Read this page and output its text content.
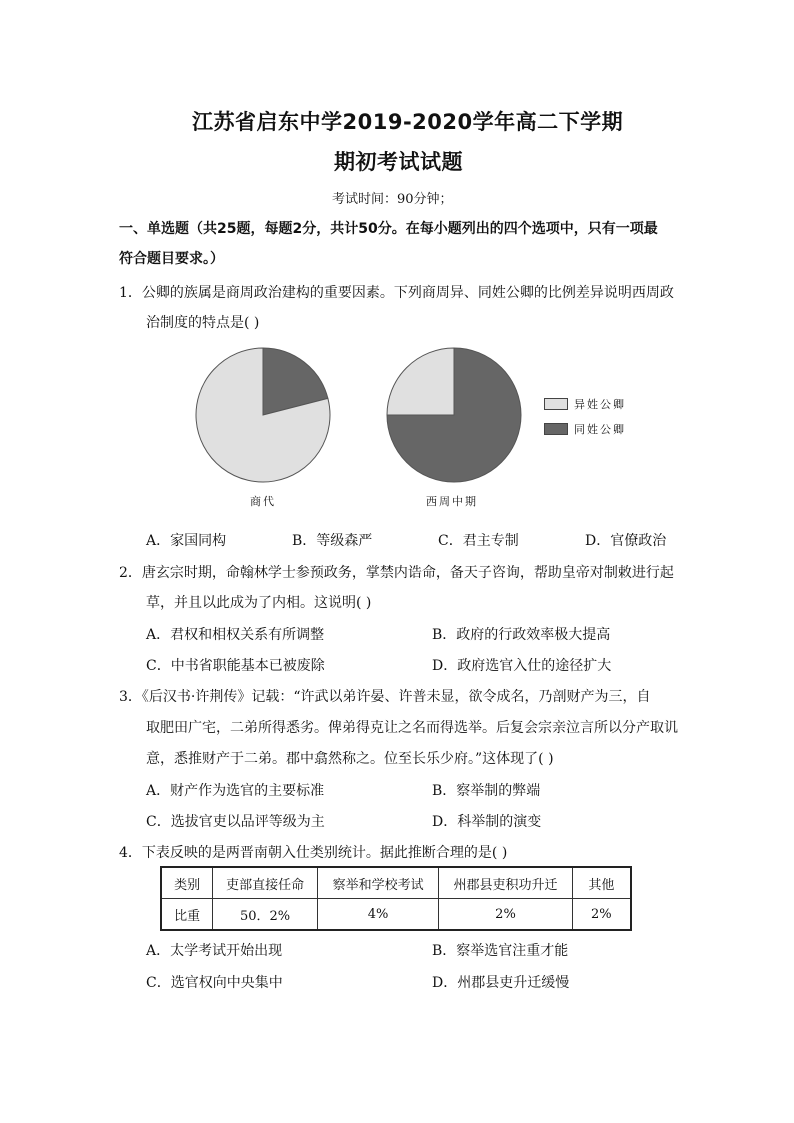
江苏省启东中学2019-2020学年高二下学期
期初考试试题
考试时间：90分钟；
一、单选题（共25题，每题2分，共计50分。在每小题列出的四个选项中，只有一项最
符合题目要求。）
1．公卿的族属是商周政治建构的重要因素。下列商周异、同姓公卿的比例差异说明西周政
治制度的特点是( )
商代	西周中期
异姓公卿
同姓公卿
A．家国同构	B．等级森严	C．君主专制	D．官僚政治
2．唐玄宗时期，命翰林学士参预政务，掌禁内诰命，备天子咨询，帮助皇帝对制敕进行起
草，并且以此成为了内相。这说明( )
A．君权和相权关系有所调整	B．政府的行政效率极大提高
C．中书省职能基本已被废除	D．政府选官入仕的途径扩大
3．《后汉书·许荆传》记载：“许武以弟许晏、许普未显，欲令成名，乃剖财产为三，自
取肥田广宅，二弟所得悉劣。俾弟得克让之名而得选举。后复会宗亲泣言所以分产取讥
意，悉推财产于二弟。郡中翕然称之。位至长乐少府。”这体现了( )
A．财产作为选官的主要标准	B．察举制的弊端
C．选拔官吏以品评等级为主	D．科举制的演变
4．下表反映的是两晋南朝入仕类别统计。据此推断合理的是( )
类别	吏部直接任命	察举和学校考试	州郡县吏积功升迁	其他
比重	50．2%	4%	2%	2%
A．太学考试开始出现	B．察举选官注重才能
C．选官权向中央集中	D．州郡县吏升迁缓慢
